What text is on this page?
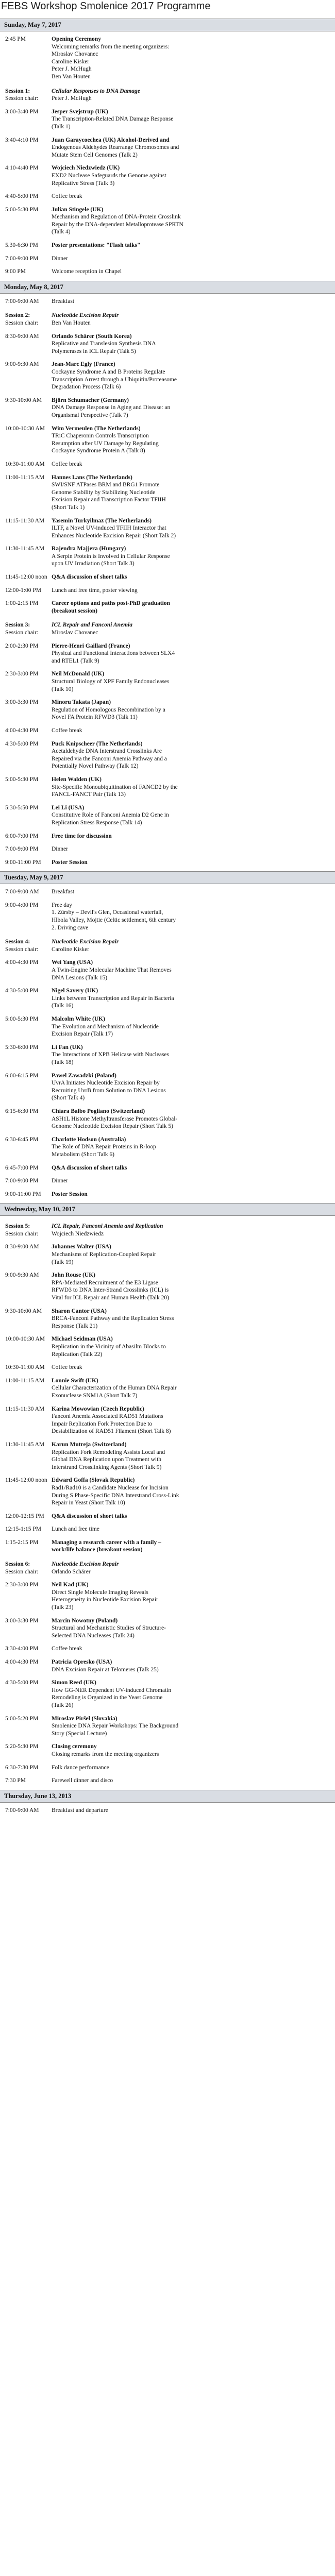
FEBS Workshop Smolenice 2017 Programme
Sunday, May 7, 2017
2:45 PM	Opening Ceremony
Welcoming remarks from the meeting organizers:
Miroslav Chovanec
Caroline Kisker
Peter J. McHugh
Ben Van Houten
Session 1:	Cellular Responses to DNA Damage
Session chair:	Peter J. McHugh
3:00-3:40 PM	Jesper Svejstrup (UK)
The Transcription-Related DNA Damage Response
(Talk 1)
3:40-4:10 PM	Juan Garaycoechea (UK) Alcohol-Derived and
Endogenous Aldehydes Rearrange Chromosomes and
Mutate Stem Cell Genomes (Talk 2)
4:10-4:40 PM	Wojciech Niedzwiedz (UK)
EXD2 Nuclease Safeguards the Genome against
Replicative Stress (Talk 3)
4:40-5:00 PM	Coffee break
5:00-5:30 PM	Julian Stingele (UK)
Mechanism and Regulation of DNA-Protein Crosslink
Repair by the DNA-dependent Metalloprotease SPRTN
(Talk 4)
5.30-6:30 PM	Poster presentations: "Flash talks"
7:00-9:00 PM	Dinner
9:00 PM	Welcome reception in Chapel
Monday, May 8, 2017
7:00-9:00 AM	Breakfast
Session 2:	Nucleotide Excision Repair
Session chair:	Ben Van Houten
8:30-9:00 AM	Orlando Schärer (South Korea)
Replicative and Translesion Synthesis DNA
Polymerases in ICL Repair (Talk 5)
9:00-9:30 AM	Jean-Marc Egly (France)
Cockayne Syndrome A and B Proteins Regulate
Transcription Arrest through a Ubiquitin/Proteasome
Degradation Process (Talk 6)
9:30-10:00 AM	Björn Schumacher (Germany)
DNA Damage Response in Aging and Disease: an
Organismal Perspective (Talk 7)
10:00-10:30 AM	Wim Vermeulen (The Netherlands)
TRiC Chaperonin Controls Transcription
Resumption after UV Damage by Regulating
Cockayne Syndrome Protein A (Talk 8)
10:30-11:00 AM	Coffee break
11:00-11:15 AM	Hannes Lans (The Netherlands)
SWI/SNF ATPases BRM and BRG1 Promote
Genome Stability by Stabilizing Nucleotide
Excision Repair and Transcription Factor TFIIH
(Short Talk 1)
11:15-11:30 AM	Yasemin Turkyilmaz (The Netherlands)
ILTF, a Novel UV-induced TFIIH Interactor that
Enhances Nucleotide Excision Repair (Short Talk 2)
11:30-11:45 AM	Rajendra Majjera (Hungary)
A Serpin Protein is Involved in Cellular Response
upon UV Irradiation (Short Talk 3)
11:45-12:00 noon Q&A discussion of short talks
12:00-1:00 PM	Lunch and free time, poster viewing
1:00-2:15 PM	Career options and paths post-PhD graduation
(breakout session)
Session 3:	ICL Repair and Fanconi Anemia
Session chair:	Miroslav Chovanec
2:00-2:30 PM	Pierre-Henri Gaillard (France)
Physical and Functional Interactions between SLX4
and RTEL1 (Talk 9)
2:30-3:00 PM	Neil McDonald (UK)
Structural Biology of XPF Family Endonucleases
(Talk 10)
3:00-3:30 PM	Minoru Takata (Japan)
Regulation of Homologous Recombination by a
Novel FA Protein RFWD3 (Talk 11)
4:00-4:30 PM	Coffee break
4:30-5:00 PM	Puck Knipscheer (The Netherlands)
Acetaldehyde DNA Interstrand Crosslinks Are
Repaired via the Fanconi Anemia Pathway and a
Potentially Novel Pathway (Talk 12)
5:00-5:30 PM	Helen Walden (UK)
Site-Specific Monoubiquitination of FANCD2 by the
FANCL-FANCT Pair (Talk 13)
5:30-5:50 PM	Lei Li (USA)
Constitutive Role of Fanconi Anemia D2 Gene in
Replication Stress Response (Talk 14)
6:00-7:00 PM	Free time for discussion
7:00-9:00 PM	Dinner
9:00-11:00 PM	Poster Session
Tuesday, May 9, 2017
7:00-9:00 AM	Breakfast
9:00-4:00 PM	Free day
1. Zűrsby – Devil's Glen, Occasional waterfall,
Hlbola Valley, Mojtie (Celtic settlement, 6th century
2. Driving cave
Session 4:	Nucleotide Excision Repair
Session chair:	Caroline Kisker
4:00-4:30 PM	Wei Yang (USA)
A Twin-Engine Molecular Machine That Removes
DNA Lesions (Talk 15)
4:30-5:00 PM	Nigel Savery (UK)
Links between Transcription and Repair in Bacteria
(Talk 16)
5:00-5:30 PM	Malcolm White (UK)
The Evolution and Mechanism of Nucleotide
Excision Repair (Talk 17)
5:30-6:00 PM	Li Fan (UK)
The Interactions of XPB Helicase with Nucleases
(Talk 18)
6:00-6:15 PM	Pawel Zawadzki (Poland)
UvrA Initiates Nucleotide Excision Repair by
Recruiting UvrB from Solution to DNA Lesions
(Short Talk 4)
6:15-6:30 PM	Chiara Balbo Pogliano (Switzerland)
ASH1L Histone Methyltransferase Promotes Global-
Genome Nucleotide Excision Repair (Short Talk 5)
6:30-6:45 PM	Charlotte Hodson (Australia)
The Role of DNA Repair Proteins in R-loop
Metabolism (Short Talk 6)
6:45-7:00 PM	Q&A discussion of short talks
7:00-9:00 PM	Dinner
9:00-11:00 PM	Poster Session
Wednesday, May 10, 2017
Session 5:	ICL Repair, Fanconi Anemia and Replication
Session chair:	Wojciech Niedzwiedz
8:30-9:00 AM	Johannes Walter (USA)
Mechanisms of Replication-Coupled Repair
(Talk 19)
9:00-9:30 AM	John Rouse (UK)
RPA-Mediated Recruitment of the E3 Ligase
RFWD3 to DNA Inter-Strand Crosslinks (ICL) is
Vital for ICL Repair and Human Health (Talk 20)
9:30-10:00 AM	Sharon Cantor (USA)
BRCA-Fanconi Pathway and the Replication Stress
Response (Talk 21)
10:00-10:30 AM	Michael Seidman (USA)
Replication in the Vicinity of Abasilm Blocks to
Replication (Talk 22)
10:30-11:00 AM	Coffee break
11:00-11:15 AM	Lonnie Swift (UK)
Cellular Characterization of the Human DNA Repair
Exonuclease SNM1A (Short Talk 7)
11:15-11:30 AM	Karina Mowowian (Czech Republic)
Fanconi Anemia Associated RAD51 Mutations
Impair Replication Fork Protection Due to
Destabilization of RAD51 Filament (Short Talk 8)
11:30-11:45 AM	Karun Mutreja (Switzerland)
Replication Fork Remodeling Assists Local and
Global DNA Replication upon Treatment with
Interstrand Crosslinking Agents (Short Talk 9)
11:45-12:00 noon Edward Goffa (Slovak Republic)
Rad1/Rad10 is a Candidate Nuclease for Incision
During S Phase-Specific DNA Interstrand Cross-Link
Repair in Yeast (Short Talk 10)
12:00-12:15 PM	Q&A discussion of short talks
12:15-1:15 PM	Lunch and free time
1:15-2:15 PM	Managing a research career with a family –
work/life balance (breakout session)
Session 6:	Nucleotide Excision Repair
Session chair:	Orlando Schärer
2:30-3:00 PM	Neil Kad (UK)
Direct Single Molecule Imaging Reveals
Heterogeneity in Nucleotide Excision Repair
(Talk 23)
3:00-3:30 PM	Marcin Nowotny (Poland)
Structural and Mechanistic Studies of Structure-
Selected DNA Nucleases (Talk 24)
3:30-4:00 PM	Coffee break
4:00-4:30 PM	Patricia Opresko (USA)
DNA Excision Repair at Telomeres (Talk 25)
4:30-5:00 PM	Simon Reed (UK)
How GG-NER Dependent UV-induced Chromatin
Remodeling is Organized in the Yeast Genome
(Talk 26)
5:00-5:20 PM	Miroslav Piršel (Slovakia)
Smolenice DNA Repair Workshops: The Background
Story (Special Lecture)
5:20-5:30 PM	Closing ceremony
Closing remarks from the meeting organizers
6:30-7:30 PM	Folk dance performance
7:30 PM	Farewell dinner and disco
Thursday, June 13, 2013
7:00-9:00 AM	Breakfast and departure
